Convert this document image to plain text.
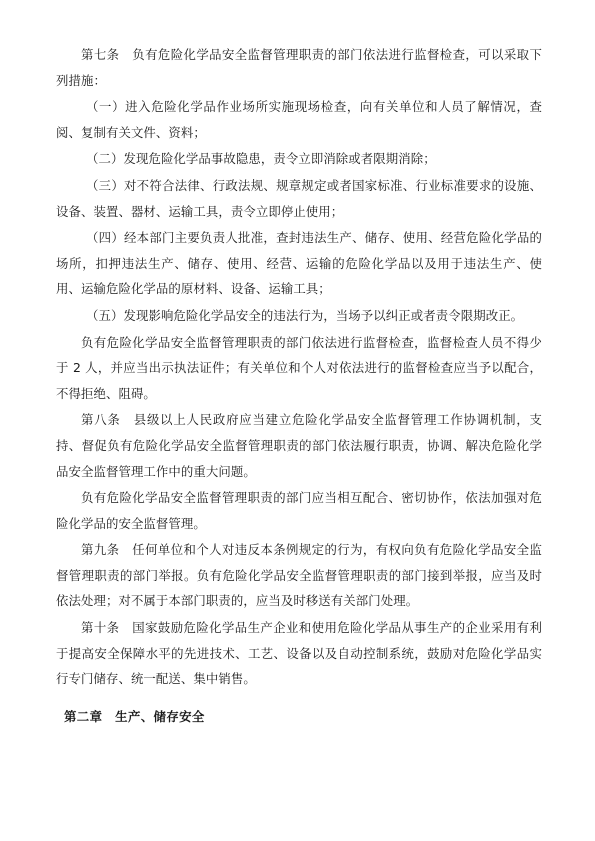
第七条　负有危险化学品安全监督管理职责的部门依法进行监督检查，可以采取下列措施：

（一）进入危险化学品作业场所实施现场检查，向有关单位和人员了解情况，查阅、复制有关文件、资料；

（二）发现危险化学品事故隐患，责令立即消除或者限期消除；

（三）对不符合法律、行政法规、规章规定或者国家标准、行业标准要求的设施、设备、装置、器材、运输工具，责令立即停止使用；

（四）经本部门主要负责人批准，查封违法生产、储存、使用、经营危险化学品的场所，扣押违法生产、储存、使用、经营、运输的危险化学品以及用于违法生产、使用、运输危险化学品的原材料、设备、运输工具；

（五）发现影响危险化学品安全的违法行为，当场予以纠正或者责令限期改正。

负有危险化学品安全监督管理职责的部门依法进行监督检查，监督检查人员不得少于 2 人，并应当出示执法证件；有关单位和个人对依法进行的监督检查应当予以配合，不得拒绝、阻碍。

第八条　县级以上人民政府应当建立危险化学品安全监督管理工作协调机制，支持、督促负有危险化学品安全监督管理职责的部门依法履行职责，协调、解决危险化学品安全监督管理工作中的重大问题。

负有危险化学品安全监督管理职责的部门应当相互配合、密切协作，依法加强对危险化学品的安全监督管理。

第九条　任何单位和个人对违反本条例规定的行为，有权向负有危险化学品安全监督管理职责的部门举报。负有危险化学品安全监督管理职责的部门接到举报，应当及时依法处理；对不属于本部门职责的，应当及时移送有关部门处理。

第十条　国家鼓励危险化学品生产企业和使用危险化学品从事生产的企业采用有利于提高安全保障水平的先进技术、工艺、设备以及自动控制系统，鼓励对危险化学品实行专门储存、统一配送、集中销售。

第二章　生产、储存安全
